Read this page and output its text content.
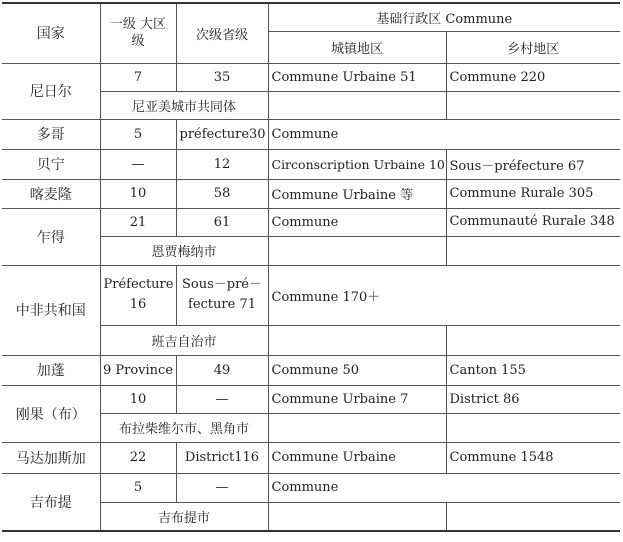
国家	一级 大区级	次级省级	基础行政区 Commune	
			城镇地区	乡村地区
尼日尔	7	35	Commune Urbaine 51	Commune 220
	尼亚美城市共同体			
多哥	5	préfecture30	Commune	
贝宁	—	12	Circonscription Urbaine 10	Sous－préfecture 67
喀麦隆	10	58	Commune Urbaine 等	Commune Rurale 305
乍得	21	61	Commune	Communauté Rurale 348
	恩贾梅纳市			
中非共和国	Préfecture 16	Sous－pré－ fecture 71	Commune 170＋	
	班吉自治市			
加蓬	9 Province	49	Commune 50	Canton 155
刚果（布）	10	—	Commune Urbaine 7	District 86
	布拉柴维尔市、黑角市			
马达加斯加	22	District116	Commune Urbaine	Commune 1548
吉布提	5	—	Commune	
	吉布提市			
